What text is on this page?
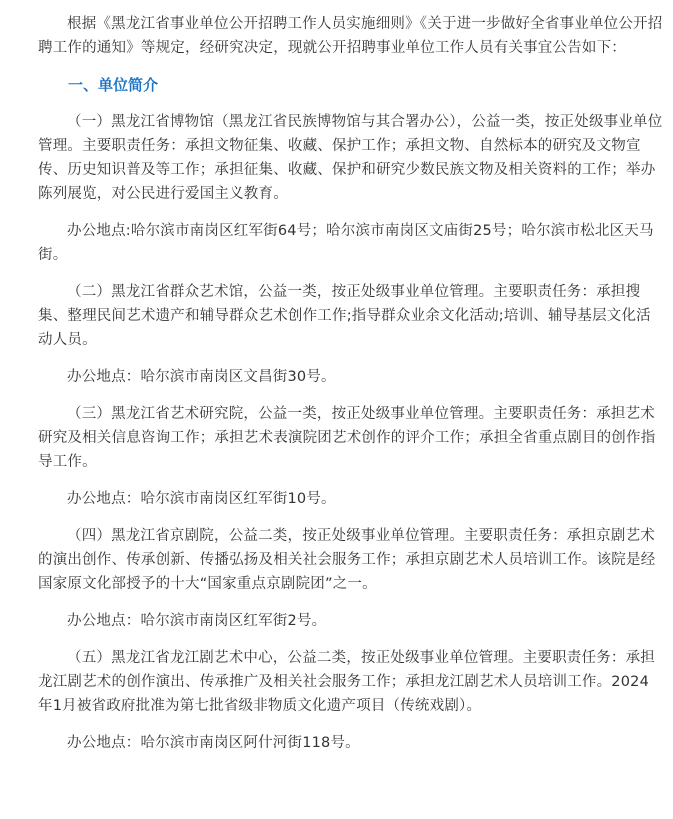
根据《黑龙江省事业单位公开招聘工作人员实施细则》《关于进一步做好全省事业单位公开招聘工作的通知》等规定，经研究决定，现就公开招聘事业单位工作人员有关事宜公告如下：

一、单位简介

（一）黑龙江省博物馆（黑龙江省民族博物馆与其合署办公），公益一类，按正处级事业单位管理。主要职责任务：承担文物征集、收藏、保护工作；承担文物、自然标本的研究及文物宣传、历史知识普及等工作；承担征集、收藏、保护和研究少数民族文物及相关资料的工作；举办陈列展览，对公民进行爱国主义教育。

办公地点:哈尔滨市南岗区红军街64号；哈尔滨市南岗区文庙街25号；哈尔滨市松北区天马街。

（二）黑龙江省群众艺术馆，公益一类，按正处级事业单位管理。主要职责任务：承担搜集、整理民间艺术遗产和辅导群众艺术创作工作;指导群众业余文化活动;培训、辅导基层文化活动人员。

办公地点：哈尔滨市南岗区文昌街30号。

（三）黑龙江省艺术研究院，公益一类，按正处级事业单位管理。主要职责任务：承担艺术研究及相关信息咨询工作；承担艺术表演院团艺术创作的评介工作；承担全省重点剧目的创作指导工作。

办公地点：哈尔滨市南岗区红军街10号。

（四）黑龙江省京剧院，公益二类，按正处级事业单位管理。主要职责任务：承担京剧艺术的演出创作、传承创新、传播弘扬及相关社会服务工作；承担京剧艺术人员培训工作。该院是经国家原文化部授予的十大“国家重点京剧院团”之一。

办公地点：哈尔滨市南岗区红军街2号。

（五）黑龙江省龙江剧艺术中心，公益二类，按正处级事业单位管理。主要职责任务：承担龙江剧艺术的创作演出、传承推广及相关社会服务工作；承担龙江剧艺术人员培训工作。2024年1月被省政府批准为第七批省级非物质文化遗产项目（传统戏剧）。

办公地点：哈尔滨市南岗区阿什河街118号。
